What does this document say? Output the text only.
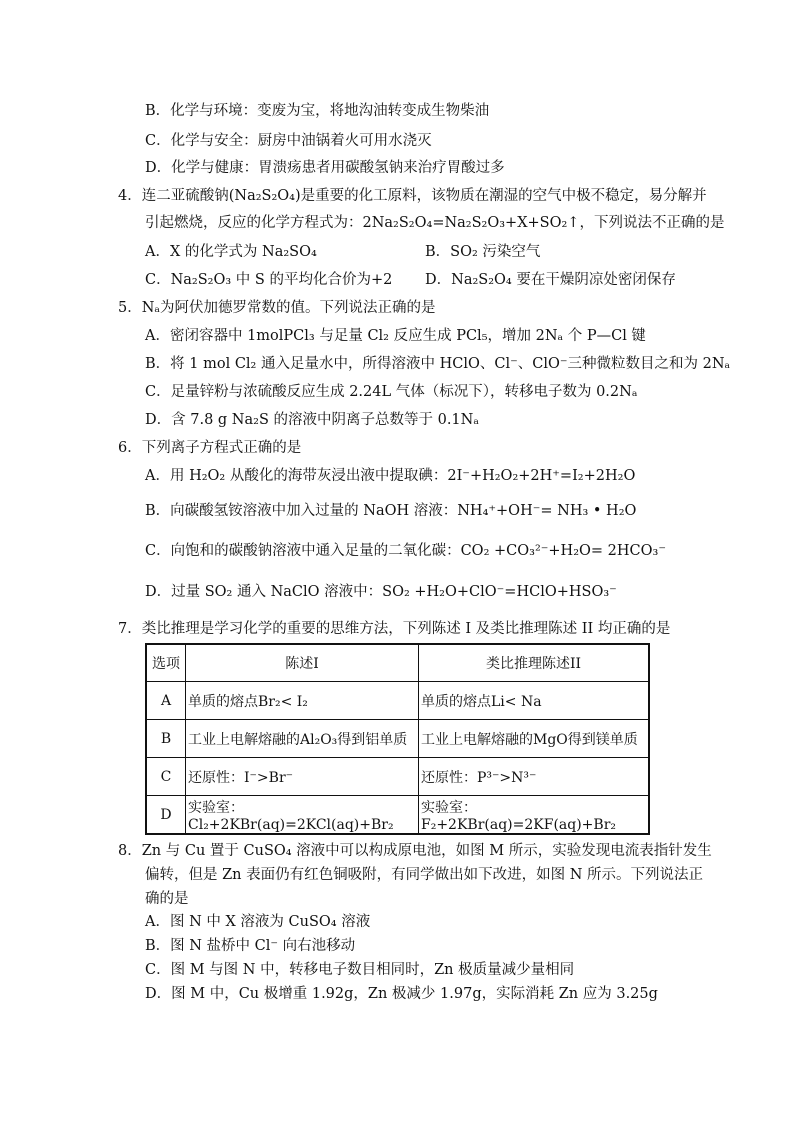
B．化学与环境：变废为宝，将地沟油转变成生物柴油
C．化学与安全：厨房中油锅着火可用水浇灭
D．化学与健康：胃溃疡患者用碳酸氢钠来治疗胃酸过多
4．连二亚硫酸钠(Na₂S₂O₄)是重要的化工原料，该物质在潮湿的空气中极不稳定，易分解并
引起燃烧，反应的化学方程式为：2Na₂S₂O₄=Na₂S₂O₃+X+SO₂↑，下列说法不正确的是
A．X 的化学式为 Na₂SO₄	B．SO₂ 污染空气
C．Na₂S₂O₃ 中 S 的平均化合价为+2 D．Na₂S₂O₄ 要在干燥阴凉处密闭保存
5．Nₐ为阿伏加德罗常数的值。下列说法正确的是
A．密闭容器中 1molPCl₃ 与足量 Cl₂ 反应生成 PCl₅，增加 2Nₐ 个 P—Cl 键
B．将 1 mol Cl₂ 通入足量水中，所得溶液中 HClO、Cl⁻、ClO⁻三种微粒数目之和为 2Nₐ
C．足量锌粉与浓硫酸反应生成 2.24L 气体（标况下），转移电子数为 0.2Nₐ
D．含 7.8 g Na₂S 的溶液中阴离子总数等于 0.1Nₐ
6．下列离子方程式正确的是
A．用 H₂O₂ 从酸化的海带灰浸出液中提取碘：2I⁻+H₂O₂+2H⁺=I₂+2H₂O
B．向碳酸氢铵溶液中加入过量的 NaOH 溶液：NH₄⁺+OH⁻= NH₃ • H₂O
C．向饱和的碳酸钠溶液中通入足量的二氧化碳：CO₂ +CO₃²⁻+H₂O= 2HCO₃⁻
D．过量 SO₂ 通入 NaClO 溶液中：SO₂ +H₂O+ClO⁻=HClO+HSO₃⁻
7．类比推理是学习化学的重要的思维方法，下列陈述 I 及类比推理陈述 II 均正确的是
选项	陈述I	类比推理陈述II
A	单质的熔点Br₂< I₂	单质的熔点Li< Na
B	工业上电解熔融的Al₂O₃得到铝单质	工业上电解熔融的MgO得到镁单质
C	还原性：I⁻>Br⁻	还原性：P³⁻>N³⁻
D	实验室：Cl₂+2KBr(aq)=2KCl(aq)+Br₂	实验室：F₂+2KBr(aq)=2KF(aq)+Br₂
8．Zn 与 Cu 置于 CuSO₄ 溶液中可以构成原电池，如图 M 所示，实验发现电流表指针发生
偏转，但是 Zn 表面仍有红色铜吸附，有同学做出如下改进，如图 N 所示。下列说法正
确的是
A．图 N 中 X 溶液为 CuSO₄ 溶液
B．图 N 盐桥中 Cl⁻ 向右池移动
C．图 M 与图 N 中，转移电子数目相同时，Zn 极质量减少量相同
D．图 M 中，Cu 极增重 1.92g，Zn 极减少 1.97g，实际消耗 Zn 应为 3.25g
